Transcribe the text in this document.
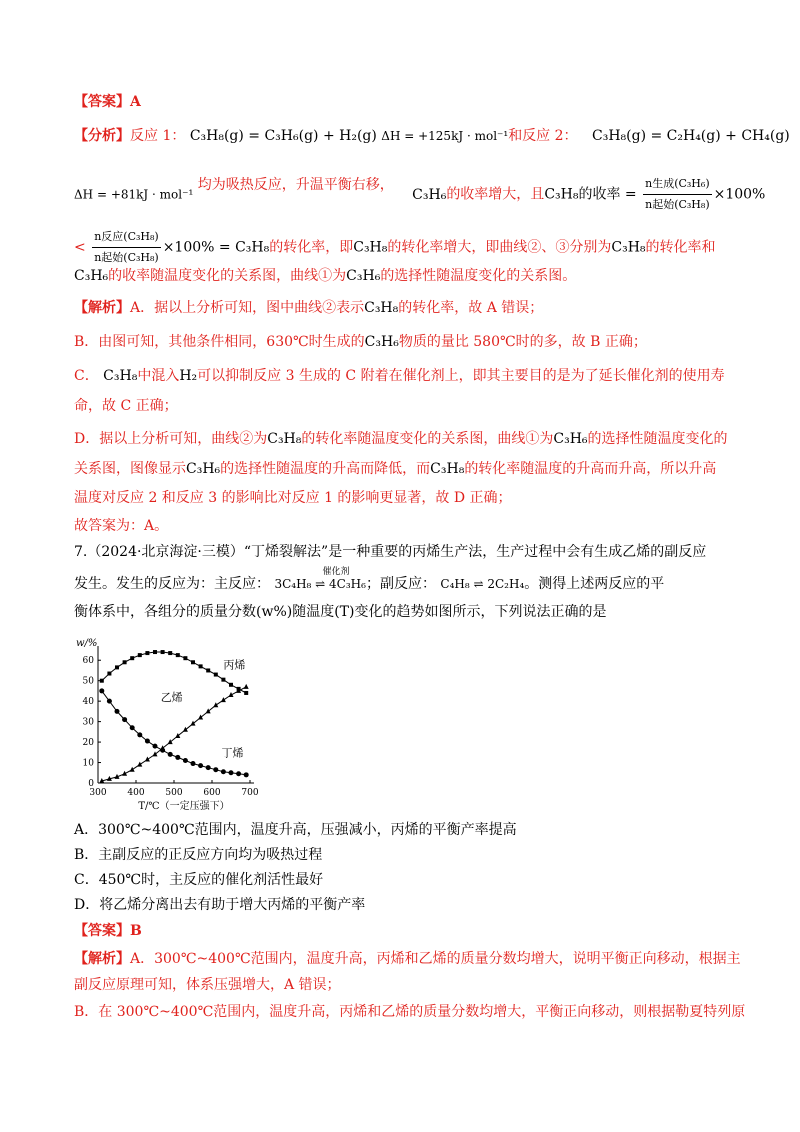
【答案】A
【分析】反应 1： C₃H₈(g) = C₃H₆(g) + H₂(g) ΔH = +125kJ · mol⁻¹和反应 2： C₃H₈(g) = C₂H₄(g) + CH₄(g)
ΔH = +81kJ · mol⁻¹ 均为吸热反应，升温平衡右移， C₃H₆的收率增大，且C₃H₈的收率 = $\frac{\text{n生成(C₃H₆)}}{\text{n起始(C₃H₈)}} \times 100\%$
< $\frac{\text{n反应(C₃H₈)}}{\text{n起始(C₃H₈)}} \times 100\% = C_3H_8$的转化率，即C₃H₈的转化率增大，即曲线②、③分别为C₃H₈的转化率和
C₃H₆的收率随温度变化的关系图，曲线①为C₃H₆的选择性随温度变化的关系图。
【解析】A．据以上分析可知，图中曲线②表示C₃H₈的转化率，故 A 错误；
B．由图可知，其他条件相同，630℃时生成的C₃H₆物质的量比 580℃时的多，故 B 正确；
C． C₃H₈中混入H₂可以抑制反应 3 生成的 C 附着在催化剂上，即其主要目的是为了延长催化剂的使用寿
命，故 C 正确；
D．据以上分析可知，曲线②为C₃H₈的转化率随温度变化的关系图，曲线①为C₃H₆的选择性随温度变化的
关系图，图像显示C₃H₆的选择性随温度的升高而降低，而C₃H₈的转化率随温度的升高而升高，所以升高
温度对反应 2 和反应 3 的影响比对反应 1 的影响更显著，故 D 正确；
故答案为：A。
7.（2024·北京海淀·三模）“丁烯裂解法”是一种重要的丙烯生产法，生产过程中会有生成乙烯的副反应
发生。发生的反应为：主反应：
催化剂
3C₄H₈ ⇌ 4C₃H₆；副反应： C₄H₈ ⇌ 2C₂H₄。测得上述两反应的平
衡体系中，各组分的质量分数(w%)随温度(T)变化的趋势如图所示，下列说法正确的是
w/%
0
10
20
30
40
50
60
300 400 500 600 700
T/℃（一定压强下）
丙烯
乙烯
丁烯
A．300℃~400℃范围内，温度升高，压强减小，丙烯的平衡产率提高
B．主副反应的正反应方向均为吸热过程
C．450℃时，主反应的催化剂活性最好
D．将乙烯分离出去有助于增大丙烯的平衡产率
【答案】B
【解析】A．300℃~400℃范围内，温度升高，丙烯和乙烯的质量分数均增大，说明平衡正向移动，根据主
副反应原理可知，体系压强增大，A 错误；
B．在 300℃~400℃范围内，温度升高，丙烯和乙烯的质量分数均增大，平衡正向移动，则根据勒夏特列原
